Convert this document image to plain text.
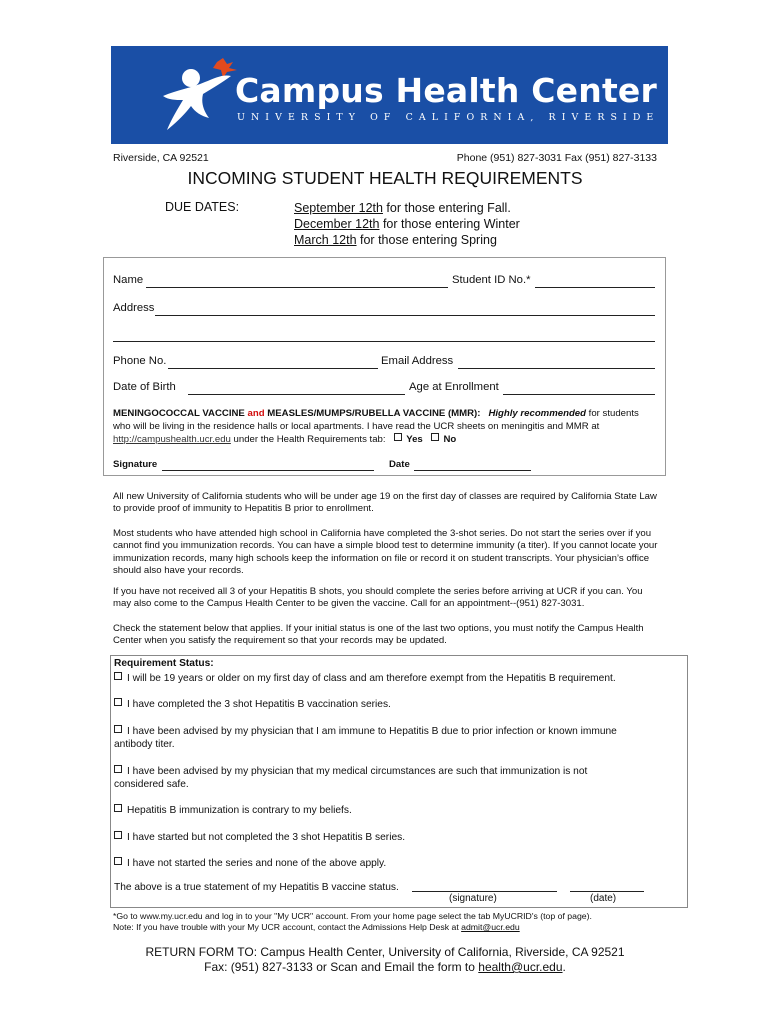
Campus Health Center
UNIVERSITY OF CALIFORNIA, RIVERSIDE
Riverside, CA 92521	Phone (951) 827-3031 Fax (951) 827-3133
INCOMING STUDENT HEALTH REQUIREMENTS
DUE DATES:	September 12th for those entering Fall.
December 12th for those entering Winter
March 12th for those entering Spring
Name	Student ID No.*
Address
Phone No.	Email Address
Date of Birth	Age at Enrollment
MENINGOCOCCAL VACCINE and MEASLES/MUMPS/RUBELLA VACCINE (MMR): Highly recommended for students who will be living in the residence halls or local apartments. I have read the UCR sheets on meningitis and MMR at http://campushealth.ucr.edu under the Health Requirements tab: Yes No
Signature	Date
All new University of California students who will be under age 19 on the first day of classes are required by California State Law to provide proof of immunity to Hepatitis B prior to enrollment.
Most students who have attended high school in California have completed the 3-shot series. Do not start the series over if you cannot find you immunization records. You can have a simple blood test to determine immunity (a titer). If you cannot locate your immunization records, many high schools keep the information on file or record it on student transcripts. Your physician’s office should also have your records.
If you have not received all 3 of your Hepatitis B shots, you should complete the series before arriving at UCR if you can. You may also come to the Campus Health Center to be given the vaccine. Call for an appointment--(951) 827-3031.
Check the statement below that applies. If your initial status is one of the last two options, you must notify the Campus Health Center when you satisfy the requirement so that your records may be updated.
Requirement Status:
I will be 19 years or older on my first day of class and am therefore exempt from the Hepatitis B requirement.
I have completed the 3 shot Hepatitis B vaccination series.
I have been advised by my physician that I am immune to Hepatitis B due to prior infection or known immune antibody titer.
I have been advised by my physician that my medical circumstances are such that immunization is not considered safe.
Hepatitis B immunization is contrary to my beliefs.
I have started but not completed the 3 shot Hepatitis B series.
I have not started the series and none of the above apply.
The above is a true statement of my Hepatitis B vaccine status.
(signature)	(date)
*Go to www.my.ucr.edu and log in to your "My UCR" account. From your home page select the tab MyUCRID's (top of page).
Note: If you have trouble with your My UCR account, contact the Admissions Help Desk at admit@ucr.edu
RETURN FORM TO: Campus Health Center, University of California, Riverside, CA 92521
Fax: (951) 827-3133 or Scan and Email the form to health@ucr.edu.
